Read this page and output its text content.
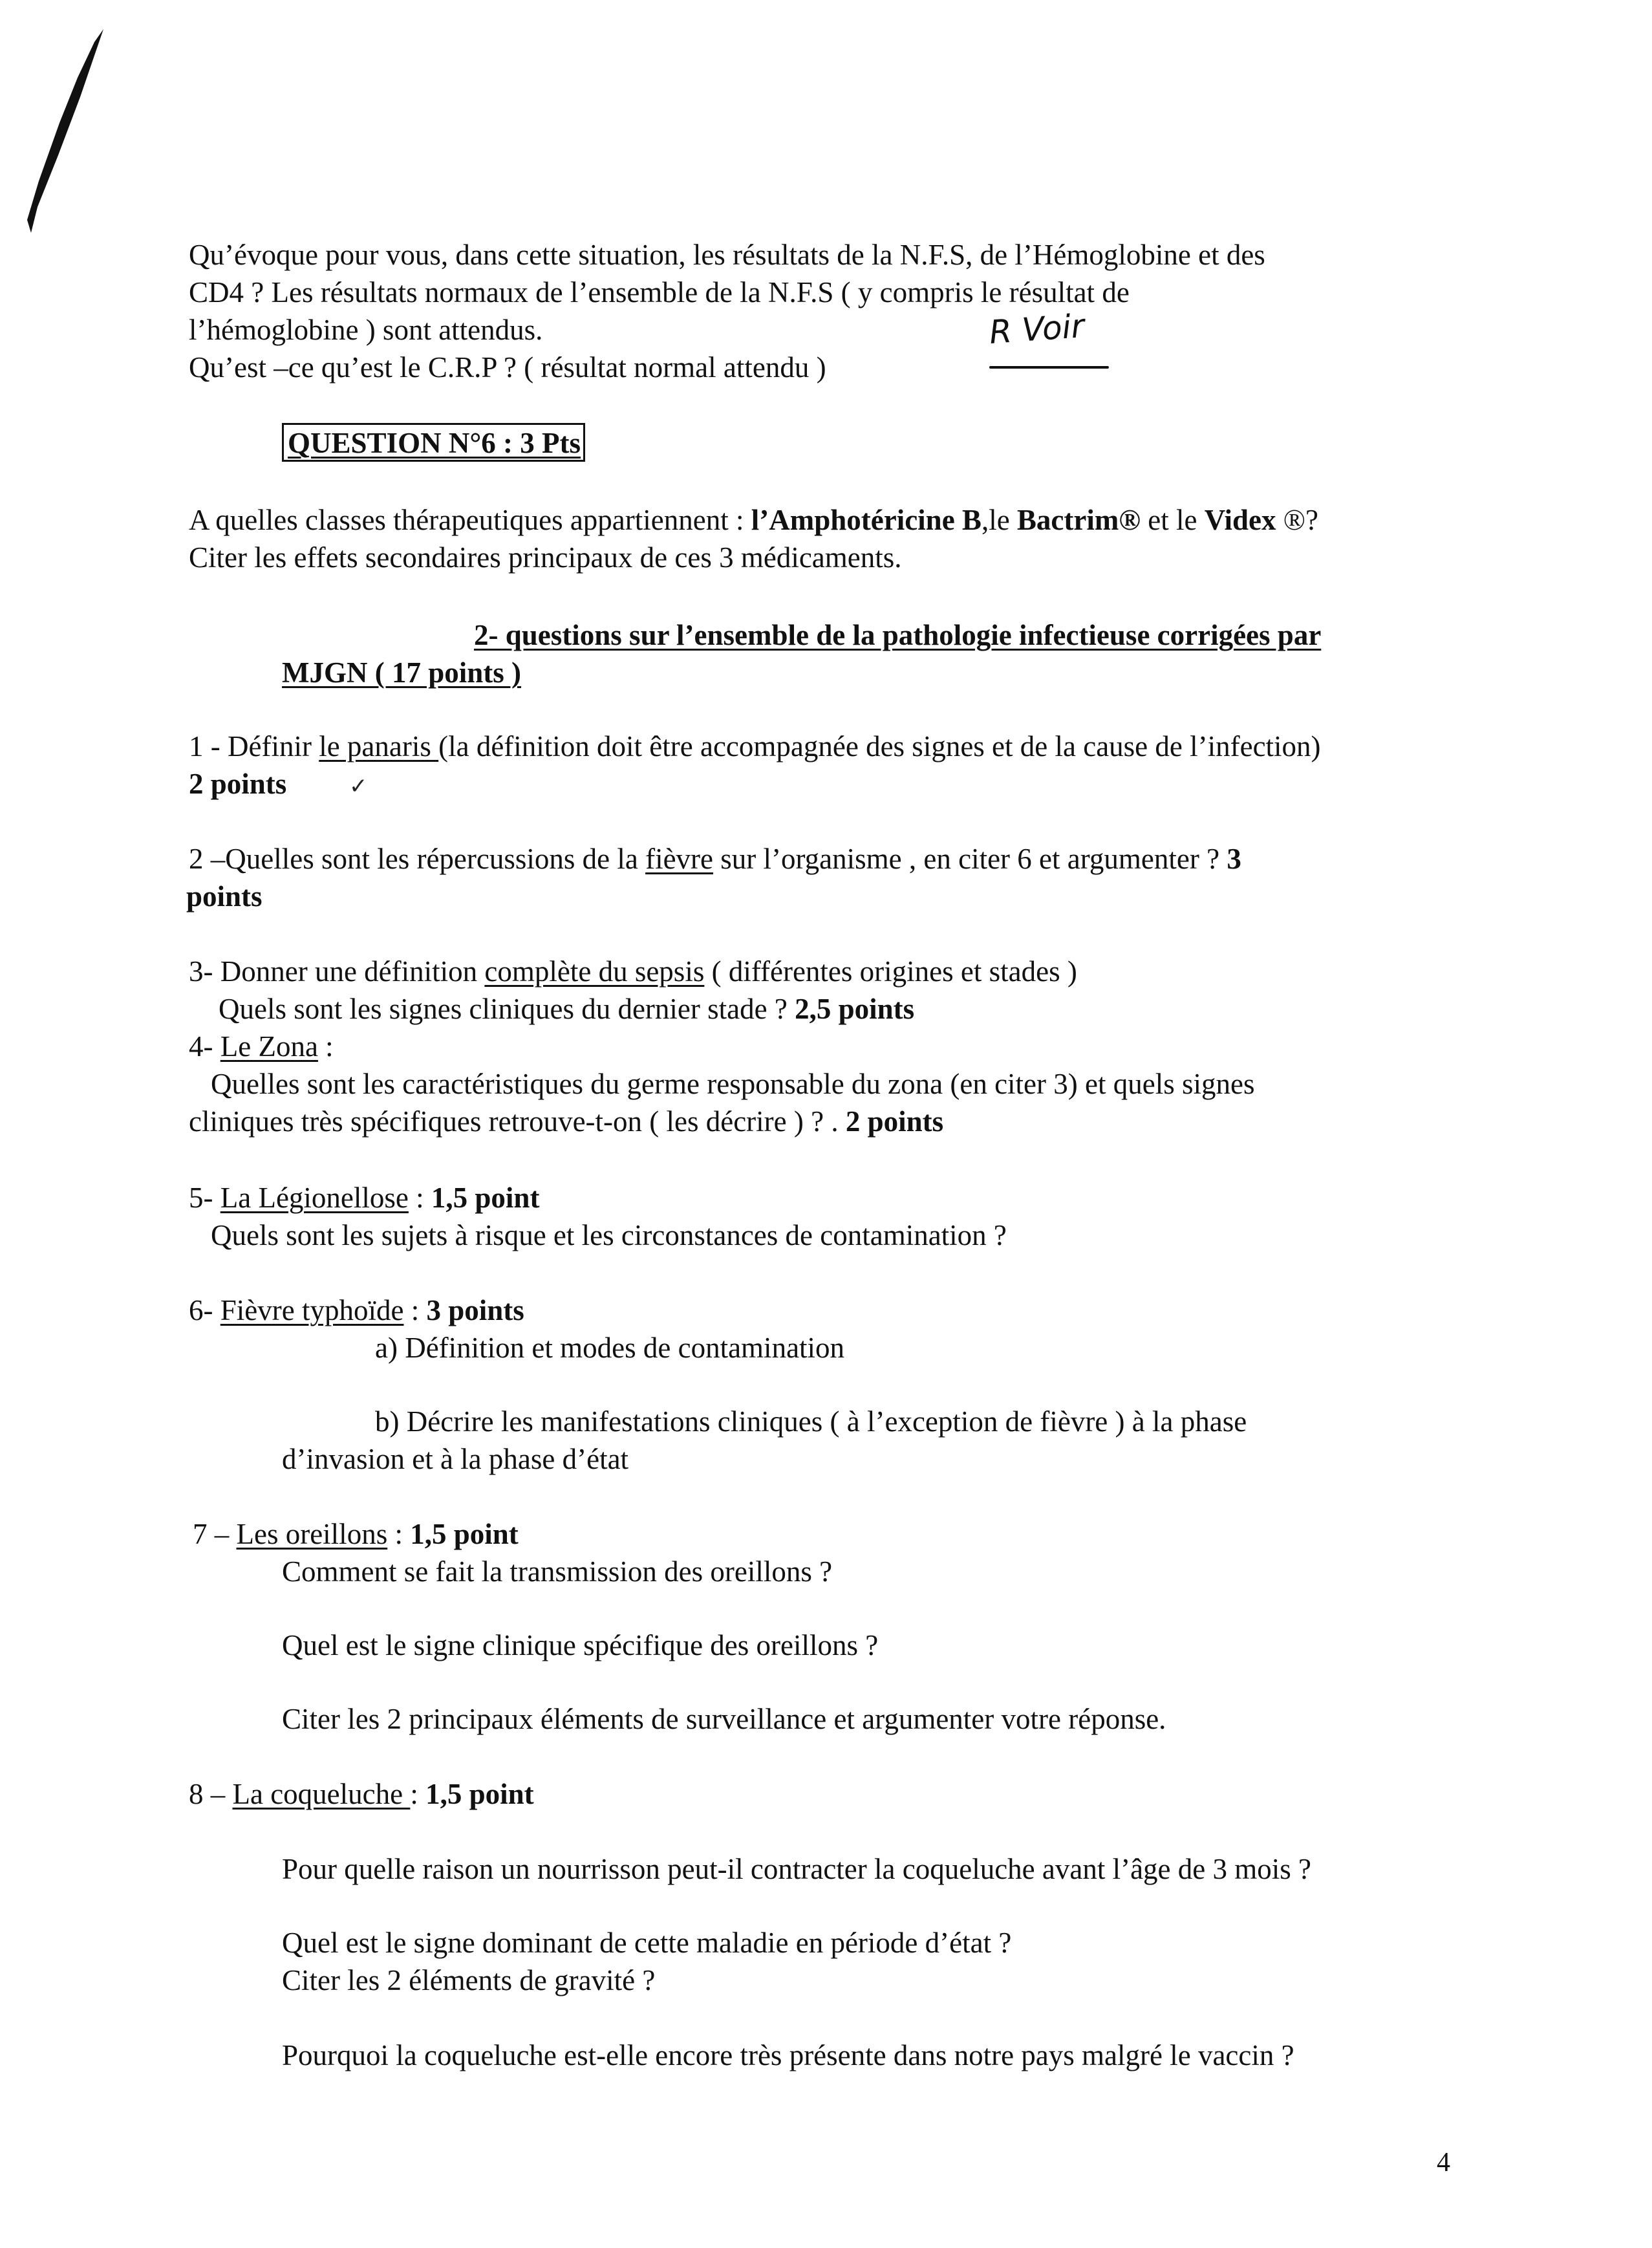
Qu’évoque pour vous, dans cette situation, les résultats de la N.F.S, de l’Hémoglobine et des
CD4 ? Les résultats normaux de l’ensemble de la N.F.S ( y compris le résultat de
l’hémoglobine ) sont attendus.
Qu’est –ce qu’est le C.R.P ? ( résultat normal attendu )
R Voir
QUESTION N°6 : 3 Pts
A quelles classes thérapeutiques appartiennent : l’Amphotéricine B,le Bactrim® et le Videx ®?
Citer les effets secondaires principaux de ces 3 médicaments.
2- questions sur l’ensemble de la pathologie infectieuse corrigées par
MJGN ( 17 points )
1 - Définir le panaris (la définition doit être accompagnée des signes et de la cause de l’infection)
2 points	✓
2 –Quelles sont les répercussions de la fièvre sur l’organisme , en citer 6 et argumenter ? 3
points
3- Donner une définition complète du sepsis ( différentes origines et stades )
Quels sont les signes cliniques du dernier stade ? 2,5 points
4- Le Zona :
Quelles sont les caractéristiques du germe responsable du zona (en citer 3) et quels signes
cliniques très spécifiques retrouve-t-on ( les décrire ) ? . 2 points
5- La Légionellose : 1,5 point
Quels sont les sujets à risque et les circonstances de contamination ?
6- Fièvre typhoïde : 3 points
a) Définition et modes de contamination
b) Décrire les manifestations cliniques ( à l’exception de fièvre ) à la phase
d’invasion et à la phase d’état
7 – Les oreillons : 1,5 point
Comment se fait la transmission des oreillons ?
Quel est le signe clinique spécifique des oreillons ?
Citer les 2 principaux éléments de surveillance et argumenter votre réponse.
8 – La coqueluche : 1,5 point
Pour quelle raison un nourrisson peut-il contracter la coqueluche avant l’âge de 3 mois ?
Quel est le signe dominant de cette maladie en période d’état ?
Citer les 2 éléments de gravité ?
Pourquoi la coqueluche est-elle encore très présente dans notre pays malgré le vaccin ?
4
